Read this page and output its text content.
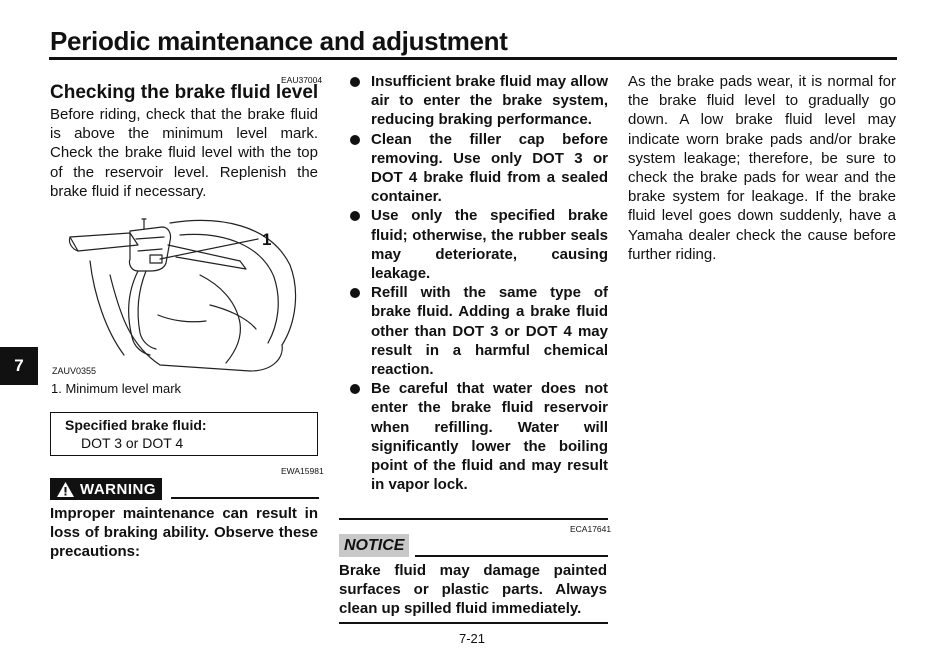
Periodic maintenance and adjustment
7
EAU37004
Checking the brake fluid level
Before riding, check that the brake fluid is above the minimum level mark. Check the brake fluid level with the top of the reservoir level. Replenish the brake fluid if necessary.
1
ZAUV0355
1. Minimum level mark
Specified brake fluid:
DOT 3 or DOT 4
EWA15981
WARNING
Improper maintenance can result in loss of braking ability. Observe these precautions:
Insufficient brake fluid may allow air to enter the brake system, reducing braking performance.
Clean the filler cap before removing. Use only DOT 3 or DOT 4 brake fluid from a sealed container.
Use only the specified brake fluid; otherwise, the rubber seals may deteriorate, causing leakage.
Refill with the same type of brake fluid. Adding a brake fluid other than DOT 3 or DOT 4 may result in a harmful chemical reaction.
Be careful that water does not enter the brake fluid reservoir when refilling. Water will significantly lower the boiling point of the fluid and may result in vapor lock.
ECA17641
NOTICE
Brake fluid may damage painted surfaces or plastic parts. Always clean up spilled fluid immediately.
As the brake pads wear, it is normal for the brake fluid level to gradually go down. A low brake fluid level may indicate worn brake pads and/or brake system leakage; therefore, be sure to check the brake pads for wear and the brake system for leakage. If the brake fluid level goes down suddenly, have a Yamaha dealer check the cause before further riding.
7-21
